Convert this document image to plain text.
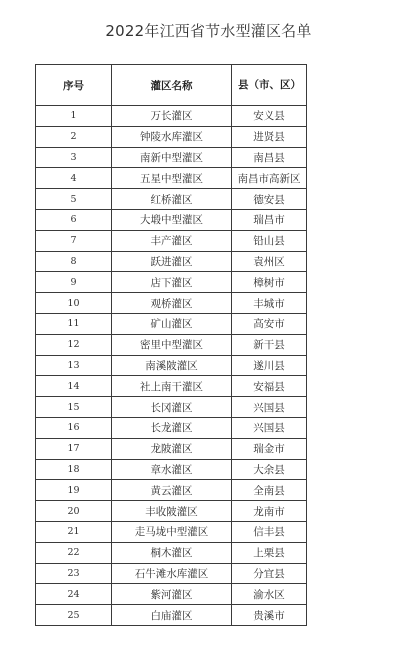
2022年江西省节水型灌区名单
序号	灌区名称	县（市、区）
1	万长灌区	安义县
2	钟陵水库灌区	进贤县
3	南新中型灌区	南昌县
4	五星中型灌区	南昌市高新区
5	红桥灌区	德安县
6	大塅中型灌区	瑞昌市
7	丰产灌区	铅山县
8	跃进灌区	袁州区
9	店下灌区	樟树市
10	观桥灌区	丰城市
11	矿山灌区	高安市
12	密里中型灌区	新干县
13	南溪陂灌区	遂川县
14	社上南干灌区	安福县
15	长冈灌区	兴国县
16	长龙灌区	兴国县
17	龙陂灌区	瑞金市
18	章水灌区	大余县
19	黄云灌区	全南县
20	丰收陂灌区	龙南市
21	走马垅中型灌区	信丰县
22	桐木灌区	上栗县
23	石牛滩水库灌区	分宜县
24	紫河灌区	渝水区
25	白庙灌区	贵溪市
